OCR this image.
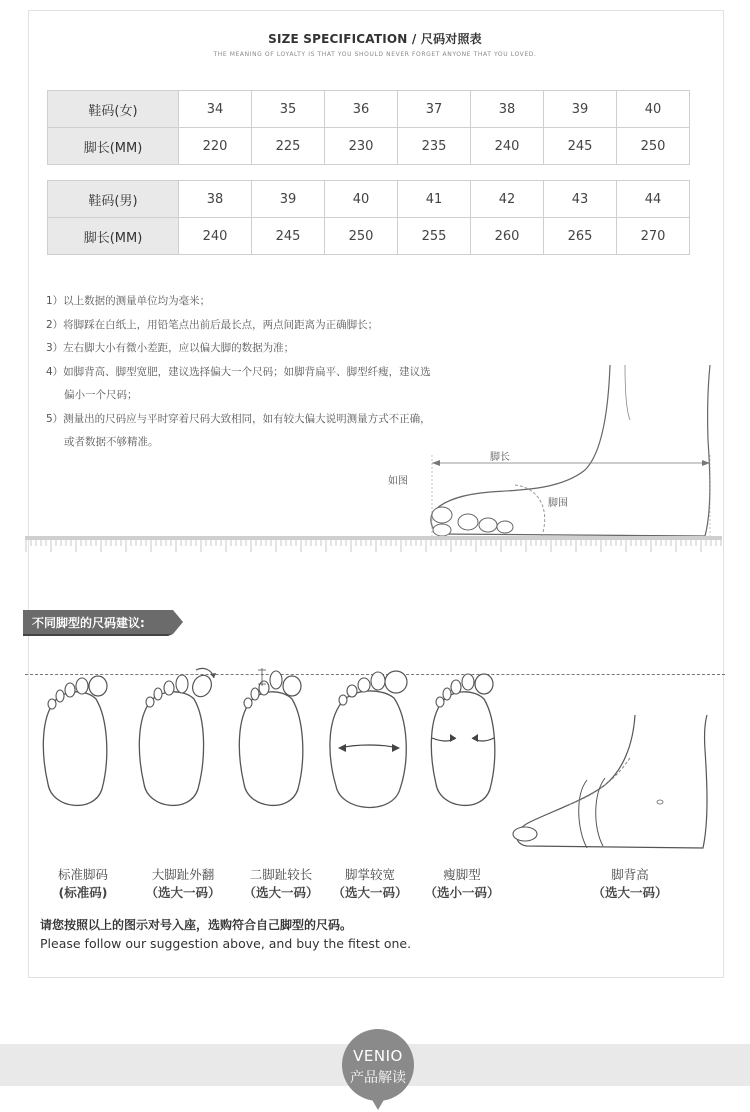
SIZE SPECIFICATION / 尺码对照表
THE MEANING OF LOYALTY IS THAT YOU SHOULD NEVER FORGET ANYONE THAT YOU LOVED.
鞋码(女)	34	35	36	37	38	39	40
脚长(MM)	220	225	230	235	240	245	250
鞋码(男)	38	39	40	41	42	43	44
脚长(MM)	240	245	250	255	260	265	270

1）以上数据的测量单位均为毫米；

2）将脚踩在白纸上，用铅笔点出前后最长点，两点间距离为正确脚长；

3）左右脚大小有微小差距，应以偏大脚的数据为准；

4）如脚背高、脚型宽肥，建议选择偏大一个尺码；如脚背扁平、脚型纤瘦，建议选

偏小一个尺码；

5）测量出的尺码应与平时穿着尺码大致相同，如有较大偏大说明测量方式不正确，

或者数据不够精准。

脚长
如图
脚围
不同脚型的尺码建议:
标准脚码
(标准码)
大脚趾外翻
（选大一码）
二脚趾较长
（选大一码）
脚掌较宽
（选大一码）
瘦脚型
（选小一码）
脚背高
（选大一码）
请您按照以上的图示对号入座，选购符合自己脚型的尺码。
Please follow our suggestion above, and buy the fitest one.
VENIO
产品解读
